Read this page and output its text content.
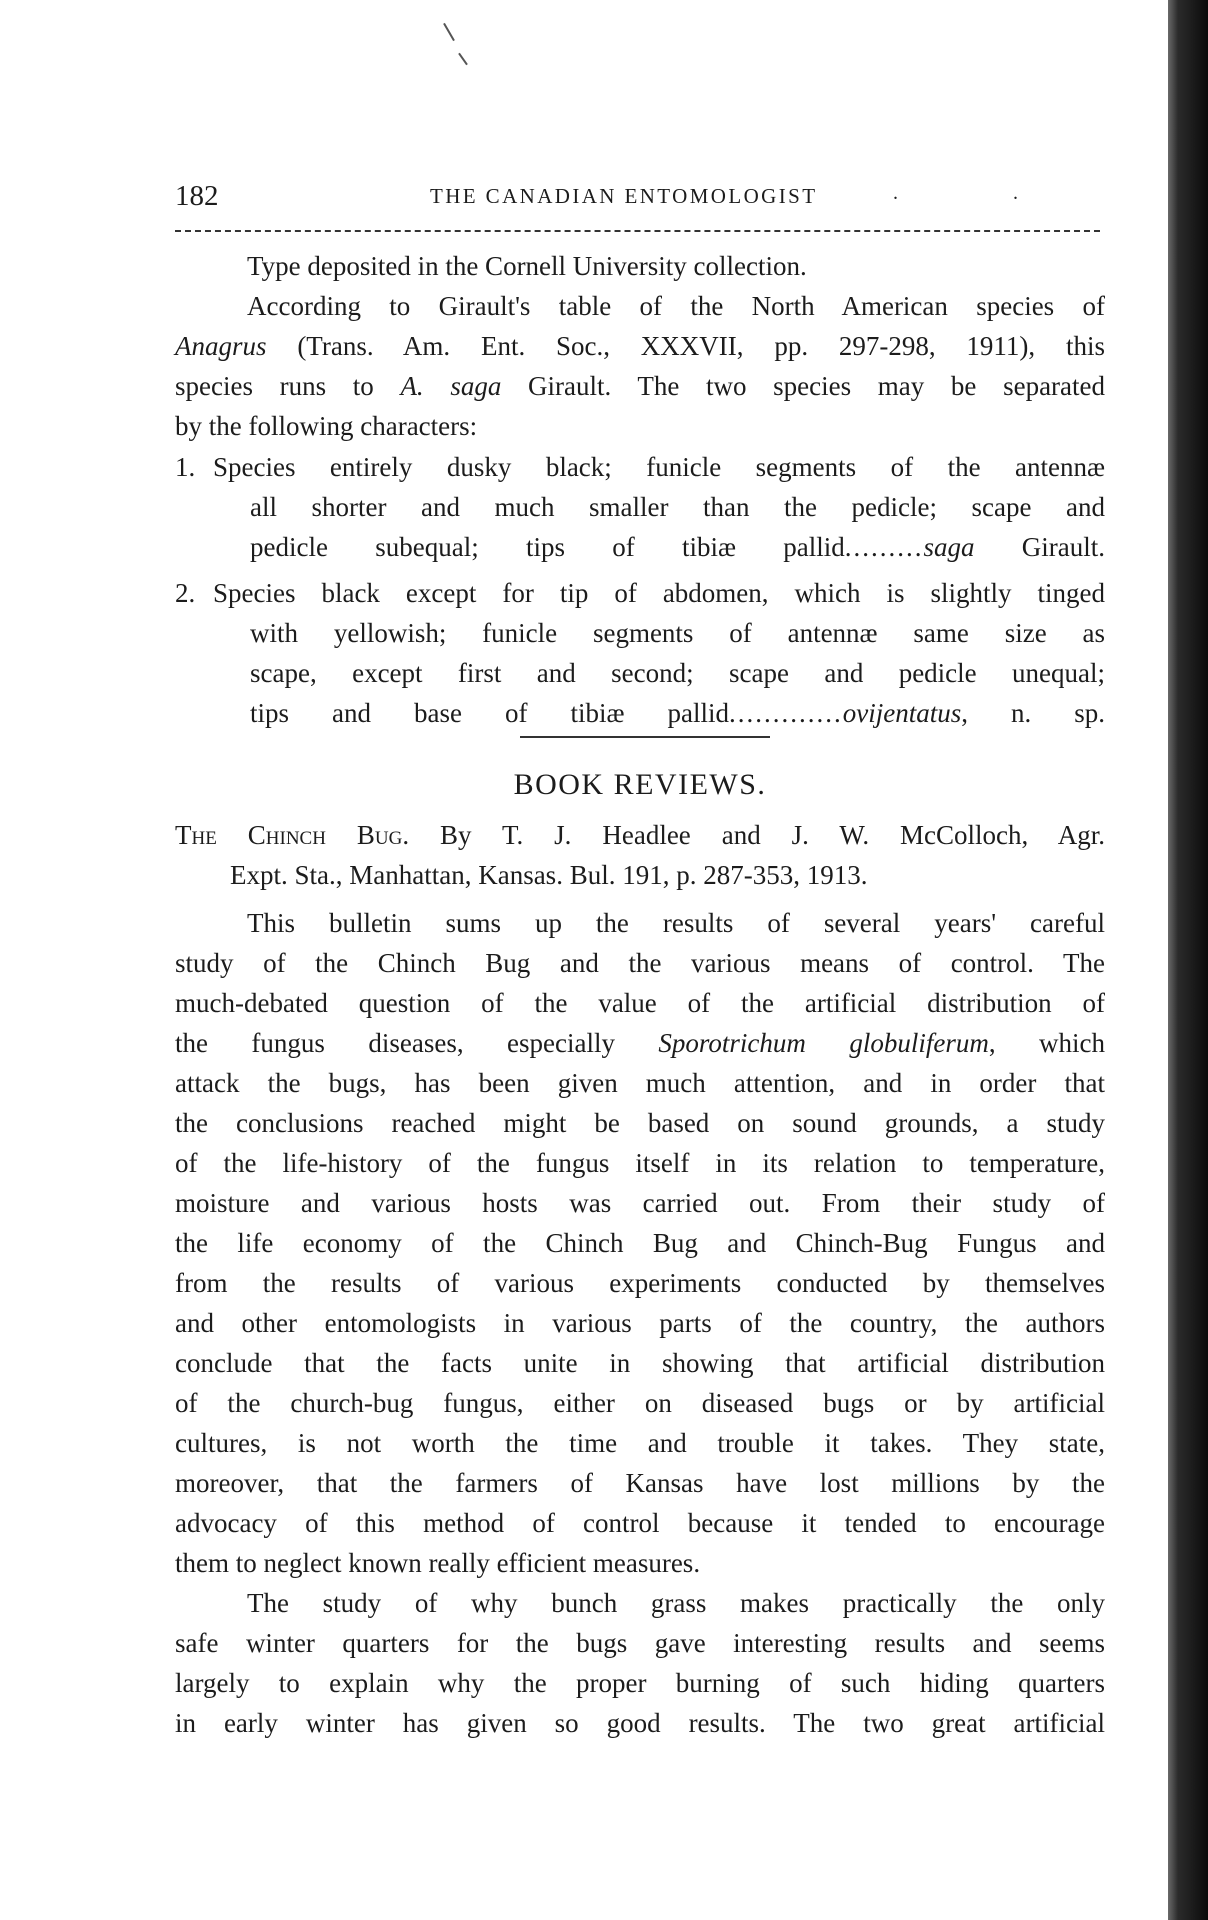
182	THE CANADIAN ENTOMOLOGIST	.	.
Type deposited in the Cornell University collection.
According to Girault's table of the North American species of
Anagrus (Trans. Am. Ent. Soc., XXXVII, pp. 297-298, 1911), this
species runs to A. saga Girault. The two species may be separated
by the following characters:
1. Species entirely dusky black; funicle segments of the antennæ
all shorter and much smaller than the pedicle; scape and
pedicle subequal; tips of tibiæ pallid.........saga Girault.
2. Species black except for tip of abdomen, which is slightly tinged
with yellowish; funicle segments of antennæ same size as
scape, except first and second; scape and pedicle unequal;
tips and base of tibiæ pallid.............ovijentatus, n. sp.
BOOK REVIEWS.
The Chinch Bug. By T. J. Headlee and J. W. McColloch, Agr.
Expt. Sta., Manhattan, Kansas. Bul. 191, p. 287-353, 1913.
This bulletin sums up the results of several years' careful
study of the Chinch Bug and the various means of control. The
much-debated question of the value of the artificial distribution of
the fungus diseases, especially Sporotrichum globuliferum, which
attack the bugs, has been given much attention, and in order that
the conclusions reached might be based on sound grounds, a study
of the life-history of the fungus itself in its relation to temperature,
moisture and various hosts was carried out. From their study of
the life economy of the Chinch Bug and Chinch-Bug Fungus and
from the results of various experiments conducted by themselves
and other entomologists in various parts of the country, the authors
conclude that the facts unite in showing that artificial distribution
of the church-bug fungus, either on diseased bugs or by artificial
cultures, is not worth the time and trouble it takes. They state,
moreover, that the farmers of Kansas have lost millions by the
advocacy of this method of control because it tended to encourage
them to neglect known really efficient measures.
The study of why bunch grass makes practically the only
safe winter quarters for the bugs gave interesting results and seems
largely to explain why the proper burning of such hiding quarters
in early winter has given so good results. The two great artificial
